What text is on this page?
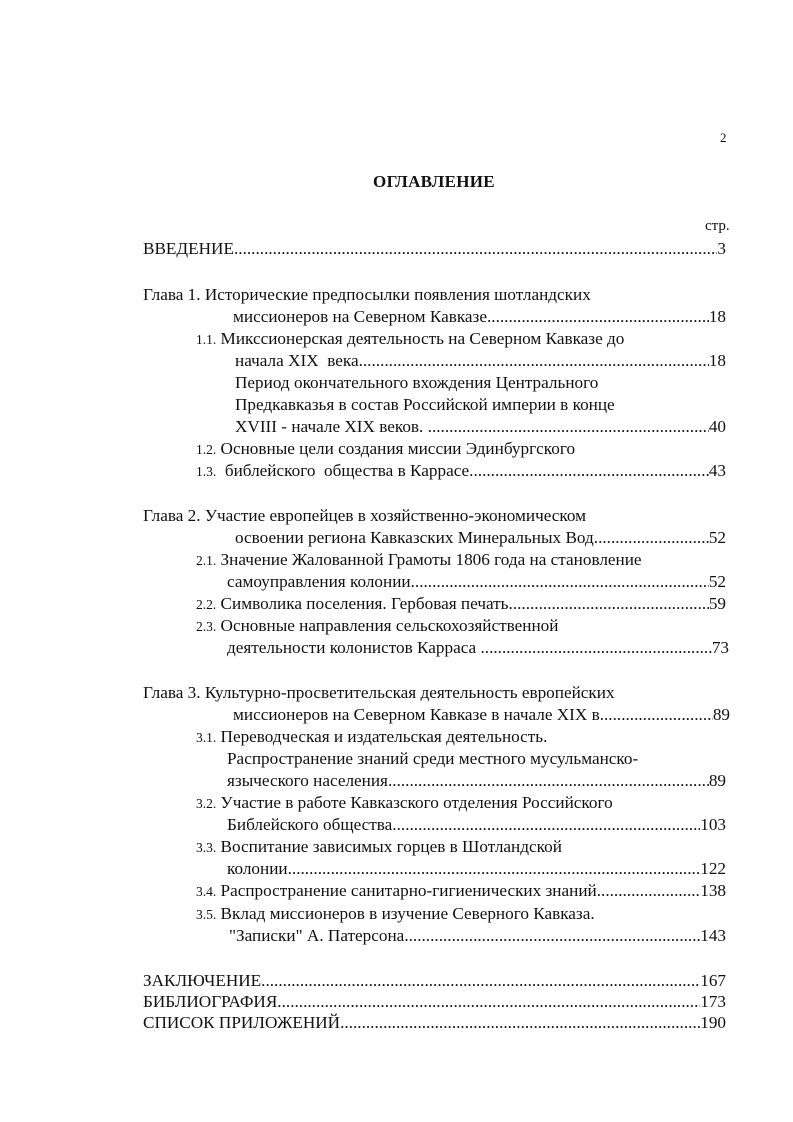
2
ОГЛАВЛЕНИЕ
стр.
ВВЕДЕНИЕ .....	3
Глава 1. Исторические предпосылки появления шотландских
миссионеров на Северном Кавказе .....	18
1.1. Микссионерская деятельность на Северном Кавказе до
начала XIX  века .....	18
Период окончательного вхождения Центрального
Предкавказья в состав Российской империи в конце
XVIII - начале XIX веков. .....	40
1.2. Основные цели создания миссии Эдинбургского
1.3.  библейского  общества в Каррасе .....	43
Глава 2. Участие европейцев в хозяйственно-экономическом
освоении региона Кавказских Минеральных Вод .....	52
2.1. Значение Жалованной Грамоты 1806 года на становление
самоуправления колонии .....	52
2.2. Символика поселения. Гербовая печать .....	59
2.3. Основные направления сельскохозяйственной
деятельности колонистов Карраса .....	73
Глава 3. Культурно-просветительская деятельность европейских
миссионеров на Северном Кавказе в начале XIX в .....	89
3.1. Переводческая и издательская деятельность.
Распространение знаний среди местного мусульманско-
языческого населения .....	89
3.2. Участие в работе Кавказского отделения Российского
Библейского общества .....	103
3.3. Воспитание зависимых горцев в Шотландской
колонии .....	122
3.4. Распространение санитарно-гигиенических знаний .....	138
3.5. Вклад миссионеров в изучение Северного Кавказа.
"Записки" А. Патерсона .....	143
ЗАКЛЮЧЕНИЕ .....	167
БИБЛИОГРАФИЯ .....	173
СПИСОК ПРИЛОЖЕНИЙ .....	190
